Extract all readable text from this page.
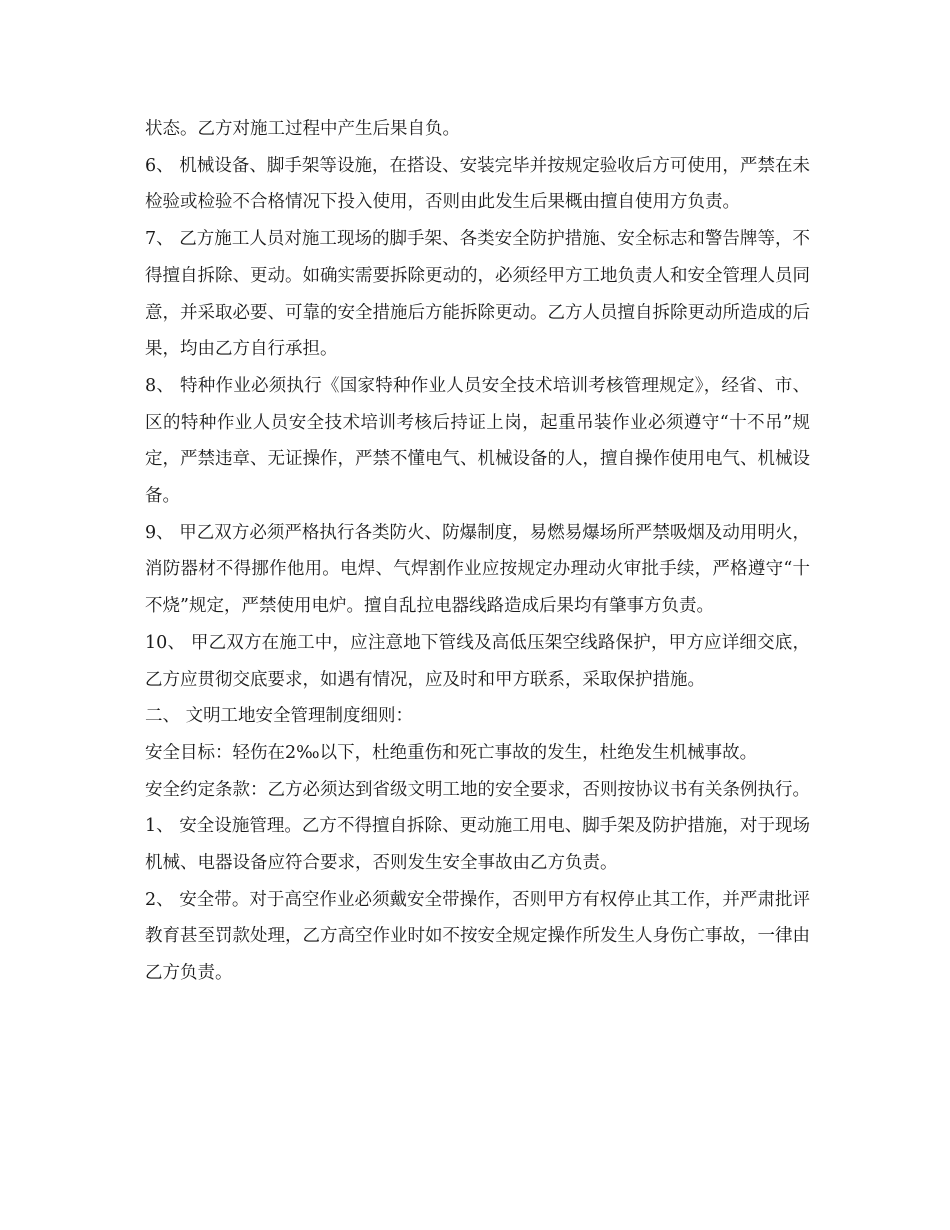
状态。乙方对施工过程中产生后果自负。

6、 机械设备、脚手架等设施，在搭设、安装完毕并按规定验收后方可使用，严禁在未检验或检验不合格情况下投入使用，否则由此发生后果概由擅自使用方负责。

7、 乙方施工人员对施工现场的脚手架、各类安全防护措施、安全标志和警告牌等，不得擅自拆除、更动。如确实需要拆除更动的，必须经甲方工地负责人和安全管理人员同意，并采取必要、可靠的安全措施后方能拆除更动。乙方人员擅自拆除更动所造成的后果，均由乙方自行承担。

8、 特种作业必须执行《国家特种作业人员安全技术培训考核管理规定》，经省、市、区的特种作业人员安全技术培训考核后持证上岗，起重吊装作业必须遵守“十不吊”规定，严禁违章、无证操作，严禁不懂电气、机械设备的人，擅自操作使用电气、机械设备。

9、 甲乙双方必须严格执行各类防火、防爆制度，易燃易爆场所严禁吸烟及动用明火，消防器材不得挪作他用。电焊、气焊割作业应按规定办理动火审批手续，严格遵守“十不烧”规定，严禁使用电炉。擅自乱拉电器线路造成后果均有肇事方负责。

10、 甲乙双方在施工中，应注意地下管线及高低压架空线路保护，甲方应详细交底，乙方应贯彻交底要求，如遇有情况，应及时和甲方联系，采取保护措施。

二、 文明工地安全管理制度细则：

安全目标：轻伤在2‰以下，杜绝重伤和死亡事故的发生，杜绝发生机械事故。

安全约定条款：乙方必须达到省级文明工地的安全要求，否则按协议书有关条例执行。

1、 安全设施管理。乙方不得擅自拆除、更动施工用电、脚手架及防护措施，对于现场机械、电器设备应符合要求，否则发生安全事故由乙方负责。

2、 安全带。对于高空作业必须戴安全带操作，否则甲方有权停止其工作，并严肃批评教育甚至罚款处理，乙方高空作业时如不按安全规定操作所发生人身伤亡事故，一律由乙方负责。
